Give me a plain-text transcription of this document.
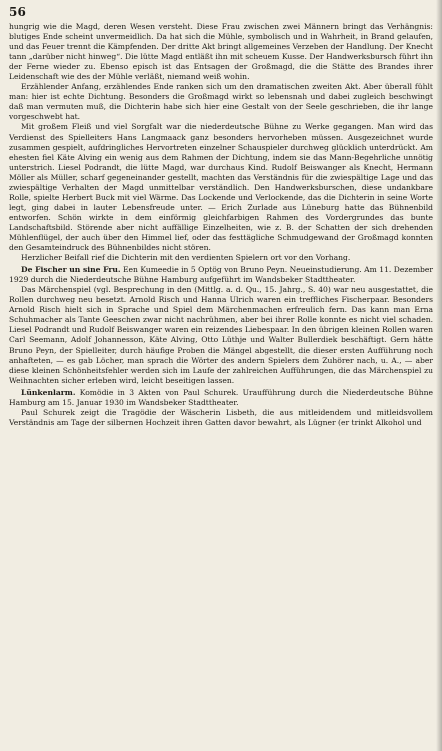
56

hungrig wie die Magd, deren Wesen versteht. Diese Frau zwischen zwei Männern bringt das Verhängnis: blutiges Ende scheint unvermeidlich. Da hat sich die Mühle, symbolisch und in Wahrheit, in Brand gelaufen, und das Feuer trennt die Kämpfenden. Der dritte Akt bringt allgemeines Verzeben der Handlung. Der Knecht tann „darüber nicht hinweg“. Die lütte Magd entläßt ihn mit scheuem Kusse. Der Handwerksbursch führt ihn der Ferne wieder zu. Ebenso episch ist das Entsagen der Großmagd, die die Stätte des Brandes ihrer Leidenschaft wie des der Mühle verläßt, niemand weiß wohin.

Erzählender Anfang, erzählendes Ende ranken sich um den dramatischen zweiten Akt. Aber überall fühlt man: hier ist echte Dichtung. Besonders die Großmagd wirkt so lebensnah und dabei zugleich beschwingt daß man vermuten muß, die Dichterin habe sich hier eine Gestalt von der Seele geschrieben, die ihr lange vorgeschwebt hat.

Mit großem Fleiß und viel Sorgfalt war die niederdeutsche Bühne zu Werke gegangen. Man wird das Verdienst des Spielleiters Hans Langmaack ganz besonders hervorheben müssen. Ausgezeichnet wurde zusammen gespielt, aufdringliches Hervortreten einzelner Schauspieler durchweg glücklich unterdrückt. Am ehesten fiel Käte Alving ein wenig aus dem Rahmen der Dichtung, indem sie das Mann-Begehrliche unnötig unterstrich. Liesel Podrandt, die lütte Magd, war durchaus Kind. Rudolf Beiswanger als Knecht, Hermann Möller als Müller, scharf gegeneinander gestellt, machten das Verständnis für die zwiespältige Lage und das zwiespältige Verhalten der Magd unmittelbar verständlich. Den Handwerksburschen, diese undankbare Rolle, spielte Herbert Buck mit viel Wärme. Das Lockende und Verlockende, das die Dichterin in seine Worte legt, ging dabei in lauter Lebensfreude unter. — Erich Zurlade aus Lüneburg hatte das Bühnenbild entworfen. Schön wirkte in dem einförmig gleichfarbigen Rahmen des Vordergrundes das bunte Landschaftsbild. Störende aber nicht auffällige Einzelheiten, wie z. B. der Schatten der sich drehenden Mühlenflügel, der auch über den Himmel lief, oder das festtägliche Schmudgewand der Großmagd konnten den Gesamteindruck des Bühnenbildes nicht stören.

Herzlicher Beifall rief die Dichterin mit den verdienten Spielern ort vor den Vorhang.

De Fischer un sine Fru. Een Kumeedie in 5 Optög von Bruno Peyn. Neueinstudierung. Am 11. Dezember 1929 durch die Niederdeutsche Bühne Hamburg aufgeführt im Wandsbeker Stadttheater.

Das Märchenspiel (vgl. Besprechung in den (Mittlg. a. d. Qu., 15. Jahrg., S. 40) war neu ausgestattet, die Rollen durchweg neu besetzt. Arnold Risch und Hanna Ulrich waren ein treffliches Fischerpaar. Besonders Arnold Risch hielt sich in Sprache und Spiel dem Märchenmachen erfreulich fern. Das kann man Erna Schuhmacher als Tante Geeschen zwar nicht nachrühmen, aber bei ihrer Rolle konnte es nicht viel schaden. Liesel Podrandt und Rudolf Beiswanger waren ein reizendes Liebespaar. In den übrigen kleinen Rollen waren Carl Seemann, Adolf Johannesson, Käte Alving, Otto Lüthje und Walter Bullerdiek beschäftigt. Gern hätte Bruno Peyn, der Spielleiter, durch häufige Proben die Mängel abgestellt, die dieser ersten Aufführung noch anhafteten, — es gab Löcher, man sprach die Wörter des andern Spielers dem Zuhörer nach, u. A., — aber diese kleinen Schönheitsfehler werden sich im Laufe der zahlreichen Aufführungen, die das Märchenspiel zu Weihnachten sicher erleben wird, leicht beseitigen lassen.

Lünkenlarm. Komödie in 3 Akten von Paul Schurek. Uraufführung durch die Niederdeutsche Bühne Hamburg am 15. Januar 1930 im Wandsbeker Stadttheater.

Paul Schurek zeigt die Tragödie der Wäscherin Lisbeth, die aus mitleidendem und mitleidsvollem Verständnis am Tage der silbernen Hochzeit ihren Gatten davor bewahrt, als Lügner (er trinkt Alkohol und
